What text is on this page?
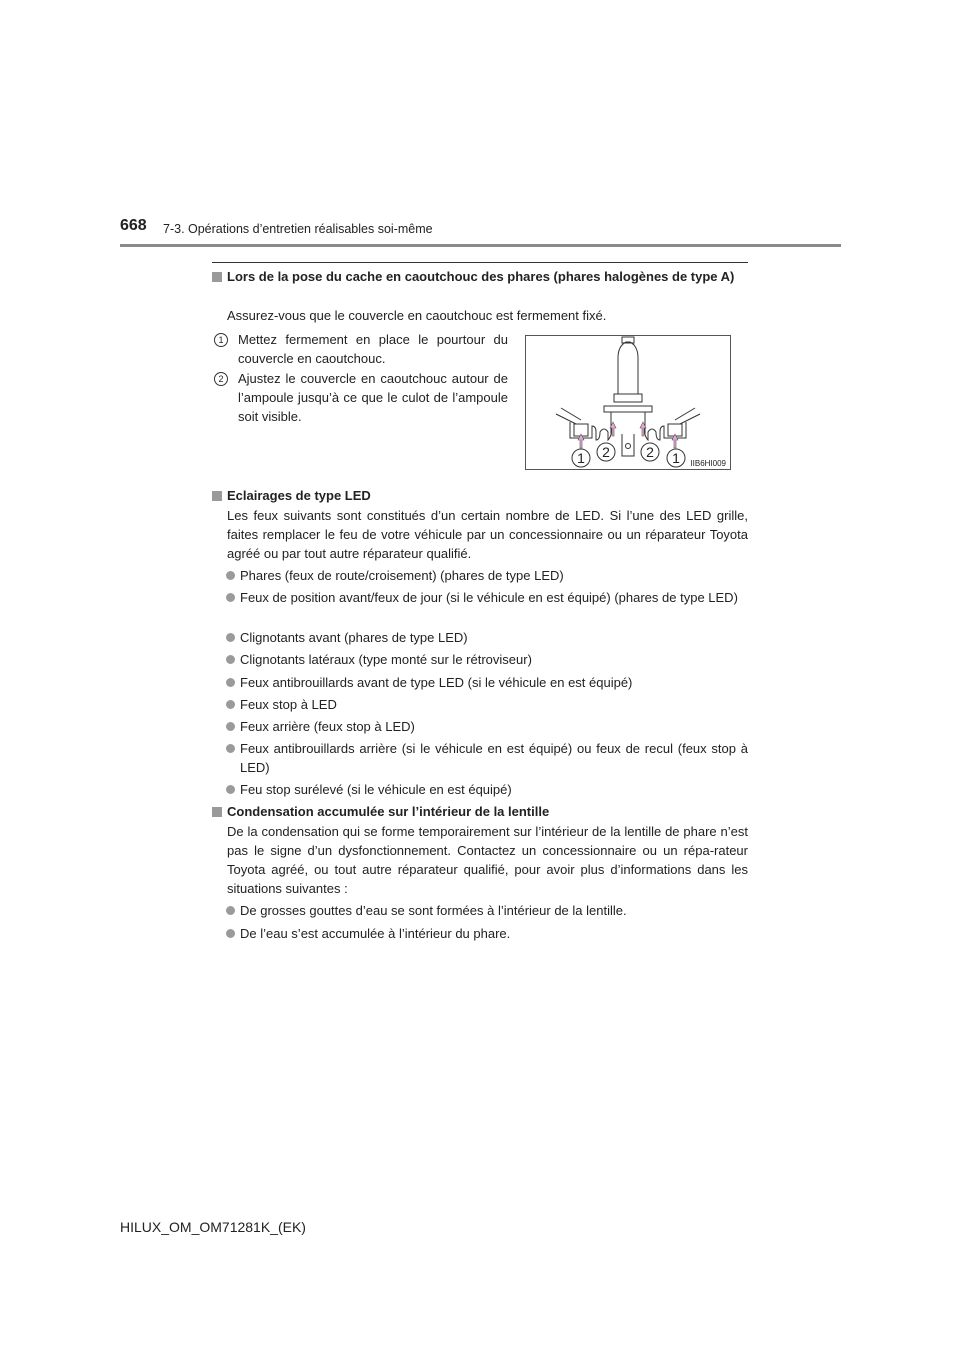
668 7-3. Opérations d’entretien réalisables soi-même
Lors de la pose du cache en caoutchouc des phares (phares halogènes de type A)
Assurez-vous que le couvercle en caoutchouc est fermement fixé.
1	Mettez fermement en place le pourtour du couvercle en caoutchouc.
2	Ajustez le couvercle en caoutchouc autour de l’ampoule jusqu’à ce que le culot de l’ampoule soit visible.
1 2	2 1 IIB6HI009
Eclairages de type LED
Les feux suivants sont constitués d’un certain nombre de LED. Si l’une des LED grille, faites remplacer le feu de votre véhicule par un concessionnaire ou un réparateur Toyota agréé ou par tout autre réparateur qualifié.
Phares (feux de route/croisement) (phares de type LED)
Feux de position avant/feux de jour (si le véhicule en est équipé) (phares de type LED)
Clignotants avant (phares de type LED)
Clignotants latéraux (type monté sur le rétroviseur)
Feux antibrouillards avant de type LED (si le véhicule en est équipé)
Feux stop à LED
Feux arrière (feux stop à LED)
Feux antibrouillards arrière (si le véhicule en est équipé) ou feux de recul (feux stop à LED)
Feu stop surélevé (si le véhicule en est équipé)
Condensation accumulée sur l’intérieur de la lentille
De la condensation qui se forme temporairement sur l’intérieur de la lentille de phare n’est pas le signe d’un dysfonctionnement. Contactez un concessionnaire ou un répa-rateur Toyota agréé, ou tout autre réparateur qualifié, pour avoir plus d’informations dans les situations suivantes :
De grosses gouttes d’eau se sont formées à l’intérieur de la lentille.
De l’eau s’est accumulée à l’intérieur du phare.
HILUX_OM_OM71281K_(EK)
